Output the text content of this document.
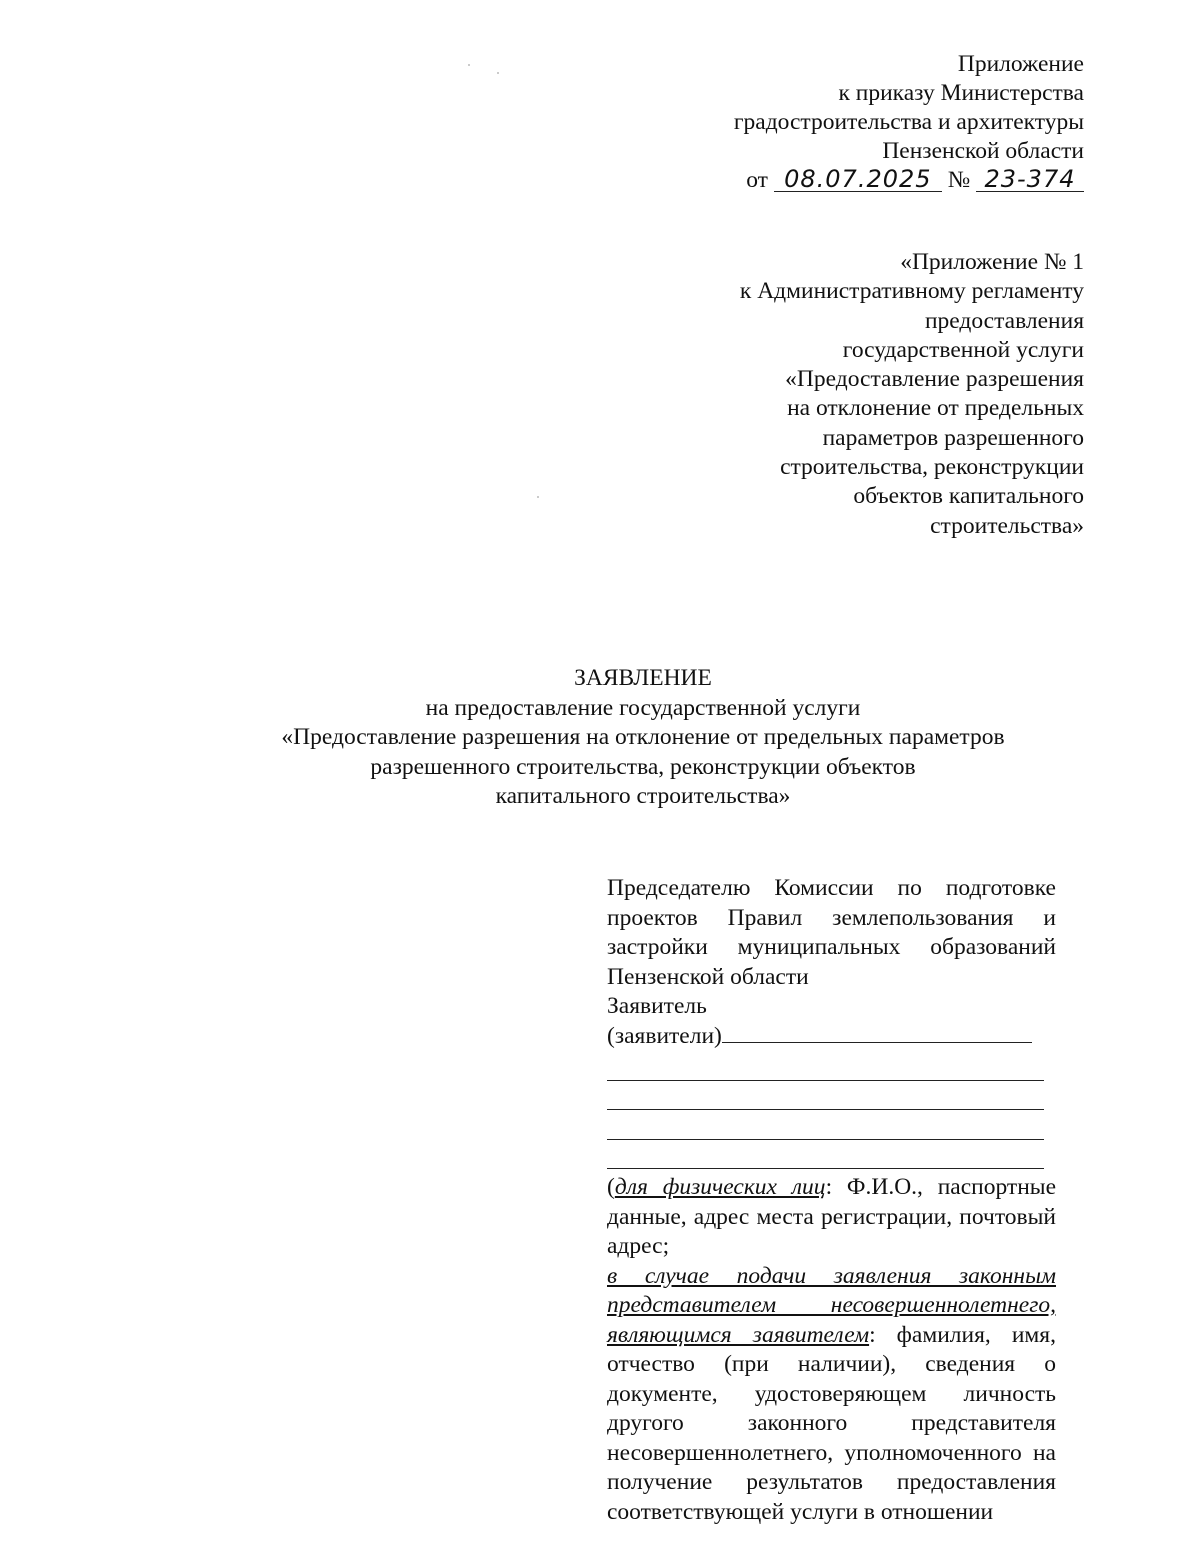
Приложение
к приказу Министерства
градостроительства и архитектуры
Пензенской области
от 08.07.2025 № 23-374
«Приложение № 1
к Административному регламенту
предоставления
государственной услуги
«Предоставление разрешения
на отклонение от предельных
параметров разрешенного
строительства, реконструкции
объектов капитального
строительства»
ЗАЯВЛЕНИЕ
на предоставление государственной услуги
«Предоставление разрешения на отклонение от предельных параметров
разрешенного строительства, реконструкции объектов
капитального строительства»
Председателю Комиссии по подготовке
проектов Правил землепользования и
застройки муниципальных образований
Пензенской области
Заявитель
(заявители)
(для физических лиц: Ф.И.О., паспортные данные, адрес места регистрации, почтовый адрес;
в случае подачи заявления законным представителем несовершеннолетнего, являющимся заявителем: фамилия, имя, отчество (при наличии), сведения о документе, удостоверяющем личность другого законного представителя несовершеннолетнего, уполномоченного на получение результатов предоставления соответствующей услуги в отношении
